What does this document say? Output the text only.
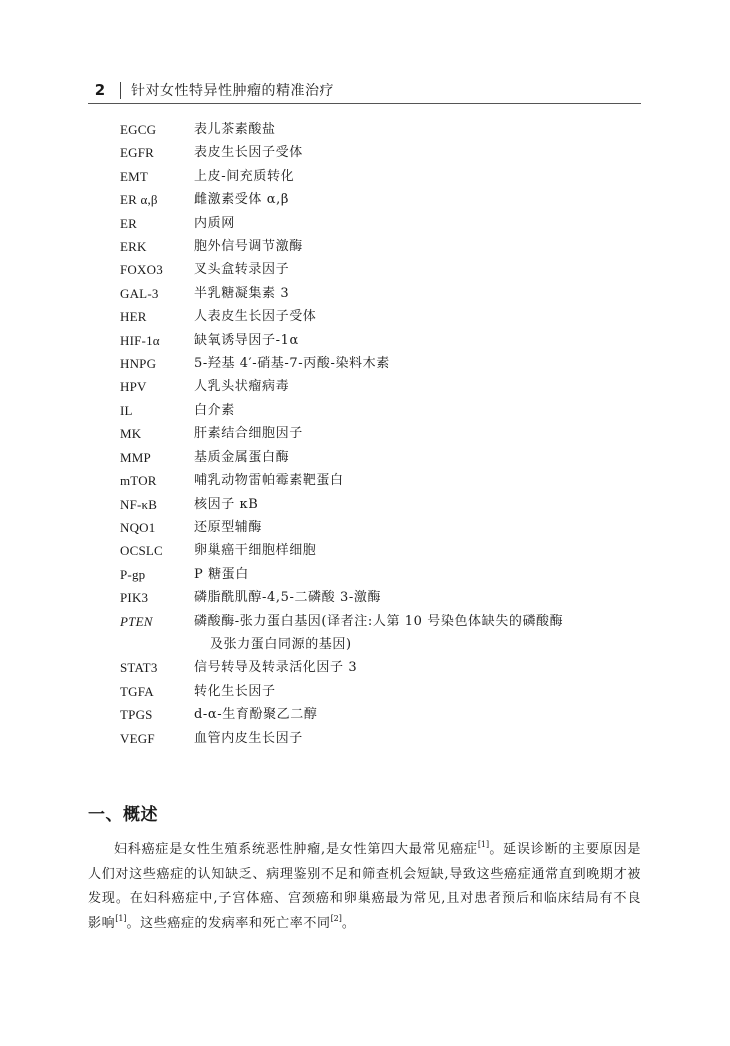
2	针对女性特异性肿瘤的精准治疗
EGCG	表儿茶素酸盐
EGFR	表皮生长因子受体
EMT	上皮-间充质转化
ER α,β	雌激素受体 α,β
ER	内质网
ERK	胞外信号调节激酶
FOXO3	叉头盒转录因子
GAL-3	半乳糖凝集素 3
HER	人表皮生长因子受体
HIF-1α	缺氧诱导因子-1α
HNPG	5-羟基 4′-硝基-7-丙酸-染料木素
HPV	人乳头状瘤病毒
IL	白介素
MK	肝素结合细胞因子
MMP	基质金属蛋白酶
mTOR	哺乳动物雷帕霉素靶蛋白
NF-κB	核因子 κB
NQO1	还原型辅酶
OCSLC	卵巢癌干细胞样细胞
P-gp	P 糖蛋白
PIK3	磷脂酰肌醇-4,5-二磷酸 3-激酶
PTEN	磷酸酶-张力蛋白基因(译者注:人第 10 号染色体缺失的磷酸酶
及张力蛋白同源的基因)
STAT3	信号转导及转录活化因子 3
TGFA	转化生长因子
TPGS	d-α-生育酚聚乙二醇
VEGF	血管内皮生长因子
一、概述

妇科癌症是女性生殖系统恶性肿瘤,是女性第四大最常见癌症[1]。延误诊断的主要原因是人们对这些癌症的认知缺乏、病理鉴别不足和筛查机会短缺,导致这些癌症通常直到晚期才被发现。在妇科癌症中,子宫体癌、宫颈癌和卵巢癌最为常见,且对患者预后和临床结局有不良影响[1]。这些癌症的发病率和死亡率不同[2]。
